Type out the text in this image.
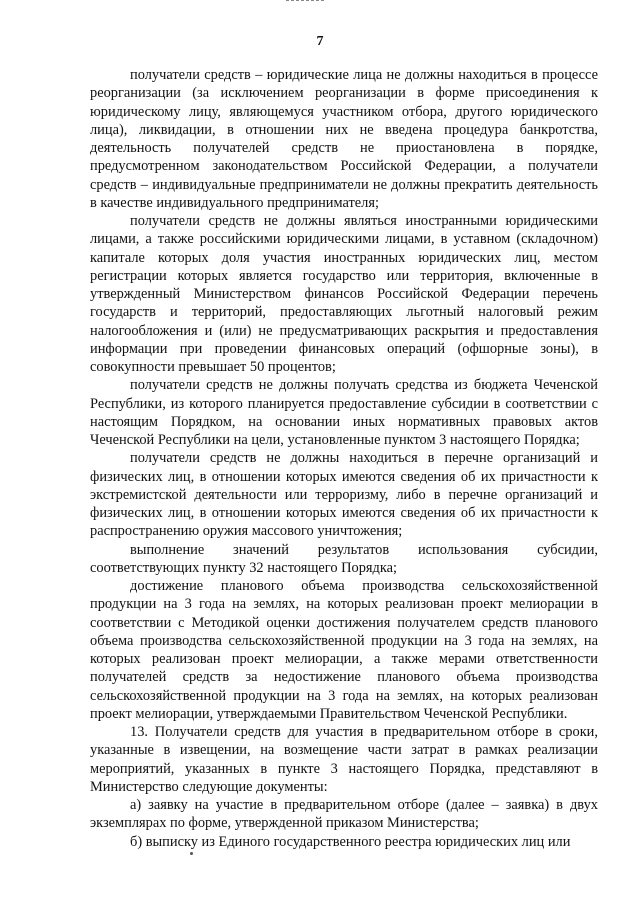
7

получатели средств – юридические лица не должны находиться в процессе реорганизации (за исключением реорганизации в форме присоединения к юридическому лицу, являющемуся участником отбора, другого юридического лица), ликвидации, в отношении них не введена процедура банкротства, деятельность получателей средств не приостановлена в порядке, предусмотренном законодательством Российской Федерации, а получатели средств – индивидуальные предприниматели не должны прекратить деятельность в качестве индивидуального предпринимателя;

получатели средств не должны являться иностранными юридическими лицами, а также российскими юридическими лицами, в уставном (складочном) капитале которых доля участия иностранных юридических лиц, местом регистрации которых является государство или территория, включенные в утвержденный Министерством финансов Российской Федерации перечень государств и территорий, предоставляющих льготный налоговый режим налогообложения и (или) не предусматривающих раскрытия и предоставления информации при проведении финансовых операций (офшорные зоны), в совокупности превышает 50 процентов;

получатели средств не должны получать средства из бюджета Чеченской Республики, из которого планируется предоставление субсидии в соответствии с настоящим Порядком, на основании иных нормативных правовых актов Чеченской Республики на цели, установленные пунктом 3 настоящего Порядка;

получатели средств не должны находиться в перечне организаций и физических лиц, в отношении которых имеются сведения об их причастности к экстремистской деятельности или терроризму, либо в перечне организаций и физических лиц, в отношении которых имеются сведения об их причастности к распространению оружия массового уничтожения;

выполнение значений результатов использования субсидии, соответствующих пункту 32 настоящего Порядка;

достижение планового объема производства сельскохозяйственной продукции на 3 года на землях, на которых реализован проект мелиорации в соответствии с Методикой оценки достижения получателем средств планового объема производства сельскохозяйственной продукции на 3 года на землях, на которых реализован проект мелиорации, а также мерами ответственности получателей средств за недостижение планового объема производства сельскохозяйственной продукции на 3 года на землях, на которых реализован проект мелиорации, утверждаемыми Правительством Чеченской Республики.

13. Получатели средств для участия в предварительном отборе в сроки, указанные в извещении, на возмещение части затрат в рамках реализации мероприятий, указанных в пункте 3 настоящего Порядка, представляют в Министерство следующие документы:

а) заявку на участие в предварительном отборе (далее – заявка) в двух экземплярах по форме, утвержденной приказом Министерства;

б) выписку из Единого государственного реестра юридических лиц или
